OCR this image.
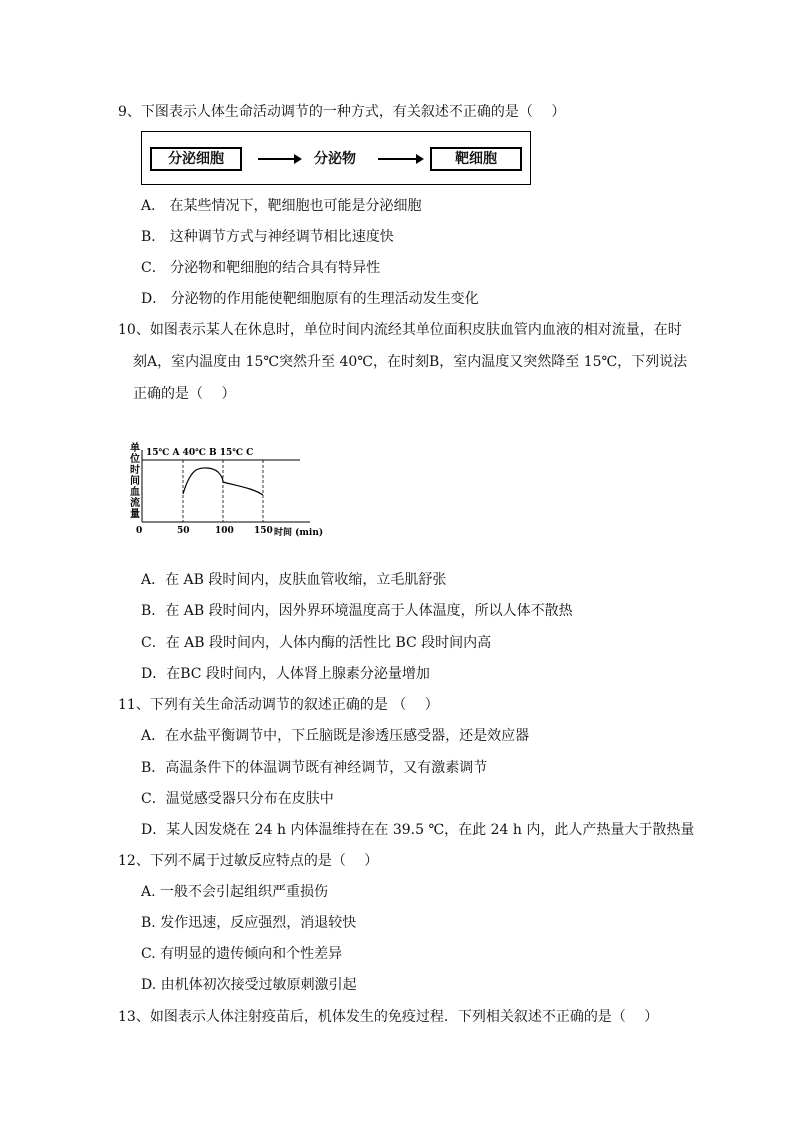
9、下图表示人体生命活动调节的一种方式，有关叙述不正确的是（　 ）
分泌细胞	分泌物	靶细胞
A． 在某些情况下，靶细胞也可能是分泌细胞
B． 这种调节方式与神经调节相比速度快
C． 分泌物和靶细胞的结合具有特异性
D． 分泌物的作用能使靶细胞原有的生理活动发生变化
10、如图表示某人在休息时，单位时间内流经其单位面积皮肤血管内血液的相对流量，在时
刻A，室内温度由 15℃突然升至 40℃，在时刻B，室内温度又突然降至 15℃，下列说法
正确的是（　 ）
单
位
时
间
血
流
量
15℃ A 40℃ B 15℃ C
0	50	100 150 时间 (min)
A．在 AB 段时间内，皮肤血管收缩，立毛肌舒张
B．在 AB 段时间内，因外界环境温度高于人体温度，所以人体不散热
C．在 AB 段时间内，人体内酶的活性比 BC 段时间内高
D．在BC 段时间内，人体肾上腺素分泌量增加
11、下列有关生命活动调节的叙述正确的是 （　 ）
A．在水盐平衡调节中，下丘脑既是渗透压感受器，还是效应器
B．高温条件下的体温调节既有神经调节，又有激素调节
C．温觉感受器只分布在皮肤中
D．某人因发烧在 24 h 内体温维持在在 39.5 ℃，在此 24 h 内，此人产热量大于散热量
12、下列不属于过敏反应特点的是（　 ）
A. 一般不会引起组织严重损伤
B. 发作迅速，反应强烈，消退较快
C. 有明显的遗传倾向和个性差异
D. 由机体初次接受过敏原刺激引起
13、如图表示人体注射疫苗后，机体发生的免疫过程．下列相关叙述不正确的是（　 ）
